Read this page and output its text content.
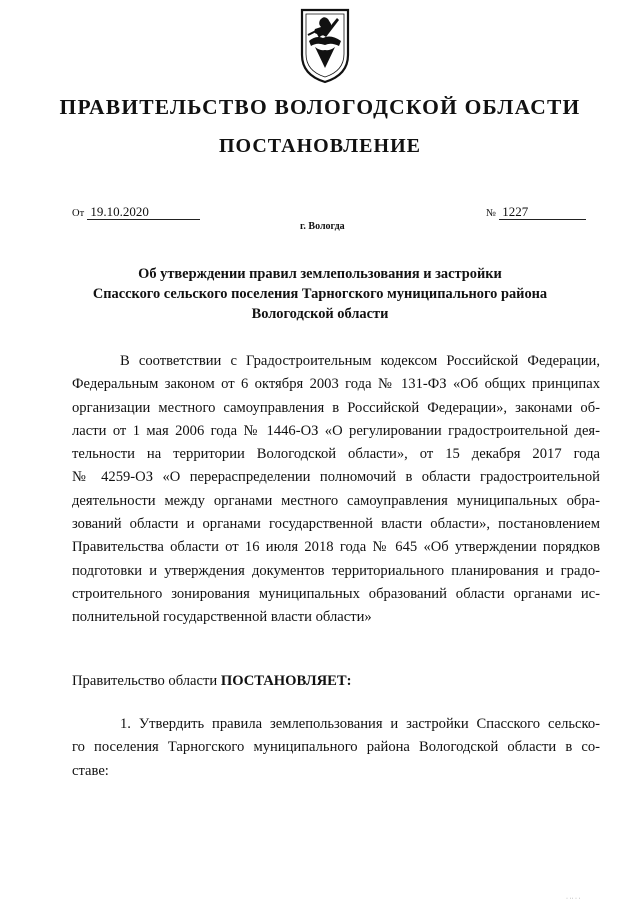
ПРАВИТЕЛЬСТВО ВОЛОГОДСКОЙ ОБЛАСТИ
ПОСТАНОВЛЕНИЕ
От 19.10.2020	№ 1227
г. Вологда
Об утверждении правил землепользования и застройки
Спасского сельского поселения Тарногского муниципального района
Вологодской области
В соответствии с Градостроительным кодексом Российской Федерации,
Федеральным законом от 6 октября 2003 года № 131-ФЗ «Об общих принципах
организации местного самоуправления в Российской Федерации», законами об-
ласти от 1 мая 2006 года № 1446-ОЗ «О регулировании градостроительной дея-
тельности на территории Вологодской области», от 15 декабря 2017 года
№ 4259-ОЗ «О перераспределении полномочий в области градостроительной
деятельности между органами местного самоуправления муниципальных обра-
зований области и органами государственной власти области», постановлением
Правительства области от 16 июля 2018 года № 645 «Об утверждении порядков
подготовки и утверждения документов территориального планирования и градо-
строительного зонирования муниципальных образований области органами ис-
полнительной государственной власти области»
Правительство области ПОСТАНОВЛЯЕТ:
1. Утвердить правила землепользования и застройки Спасского сельско-
го поселения Тарногского муниципального района Вологодской области в со-
ставе:
· ·· · ·
